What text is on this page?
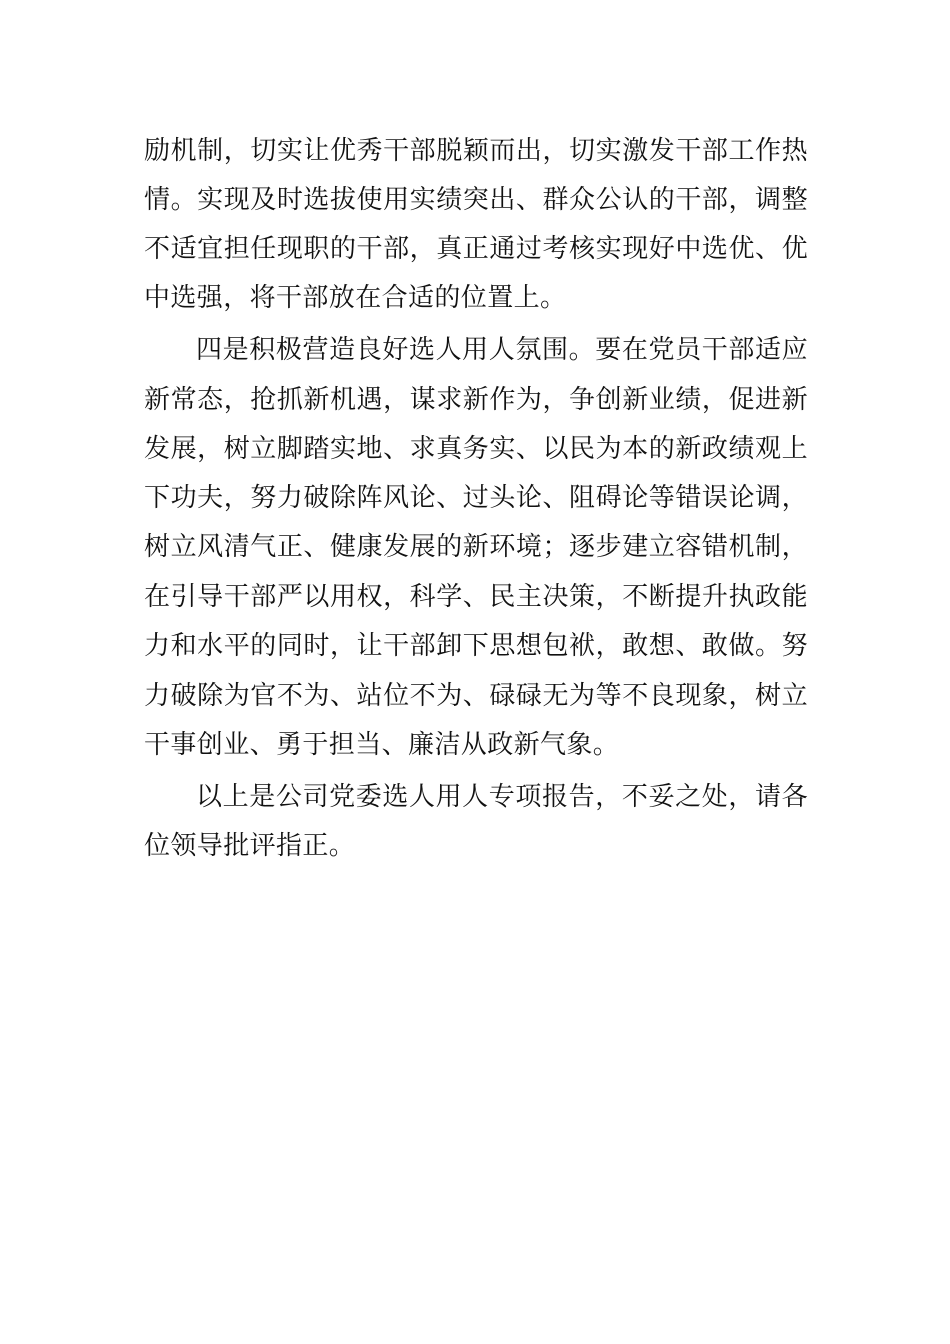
励机制，切实让优秀干部脱颖而出，切实激发干部工作热
情。实现及时选拔使用实绩突出、群众公认的干部，调整
不适宜担任现职的干部，真正通过考核实现好中选优、优
中选强，将干部放在合适的位置上。
四是积极营造良好选人用人氛围。要在党员干部适应
新常态，抢抓新机遇，谋求新作为，争创新业绩，促进新
发展，树立脚踏实地、求真务实、以民为本的新政绩观上
下功夫，努力破除阵风论、过头论、阻碍论等错误论调，
树立风清气正、健康发展的新环境；逐步建立容错机制，
在引导干部严以用权，科学、民主决策，不断提升执政能
力和水平的同时，让干部卸下思想包袱，敢想、敢做。努
力破除为官不为、站位不为、碌碌无为等不良现象，树立
干事创业、勇于担当、廉洁从政新气象。
以上是公司党委选人用人专项报告，不妥之处，请各
位领导批评指正。
